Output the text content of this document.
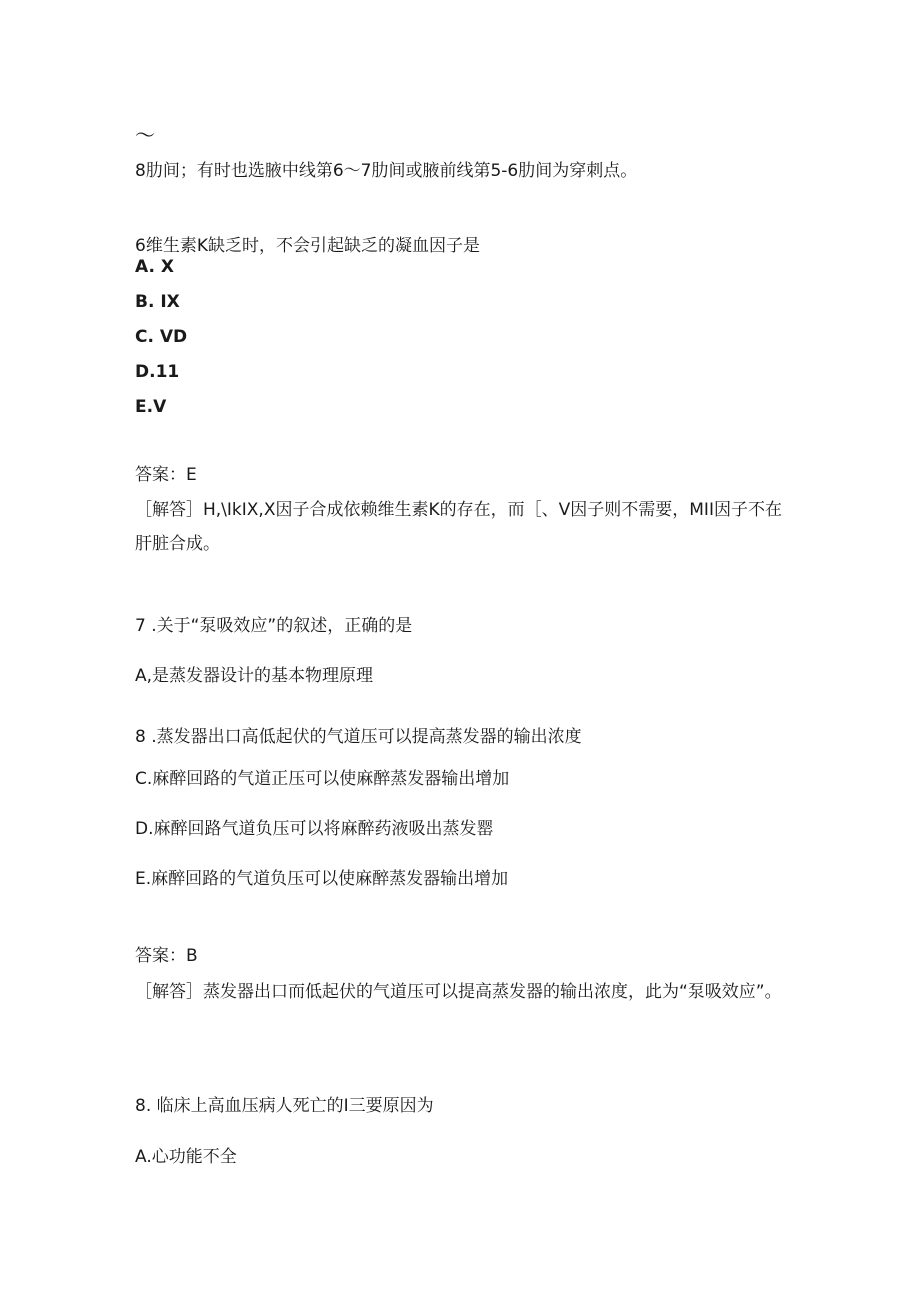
～
8肋间；有时也选腋中线第6～7肋间或腋前线第5-6肋间为穿刺点。
6维生素K缺乏时，不会引起缺乏的凝血因子是
A. X
B. IX
C. VD
D.11
E.V
答案：E
［解答］H,\IkIX,X因子合成依赖维生素K的存在，而［、V因子则不需要，MII因子不在肝脏合成。
7 .关于“泵吸效应”的叙述，正确的是
A,是蒸发器设计的基本物理原理
8 .蒸发器出口高低起伏的气道压可以提高蒸发器的输出浓度
C.麻醉回路的气道正压可以使麻醉蒸发器输出增加
D.麻醉回路气道负压可以将麻醉药液吸出蒸发罂
E.麻醉回路的气道负压可以使麻醉蒸发器输出增加
答案：B
［解答］蒸发器出口而低起伏的气道压可以提高蒸发器的输出浓度，此为“泵吸效应”。
8. 临床上高血压病人死亡的I三要原因为
A.心功能不全
